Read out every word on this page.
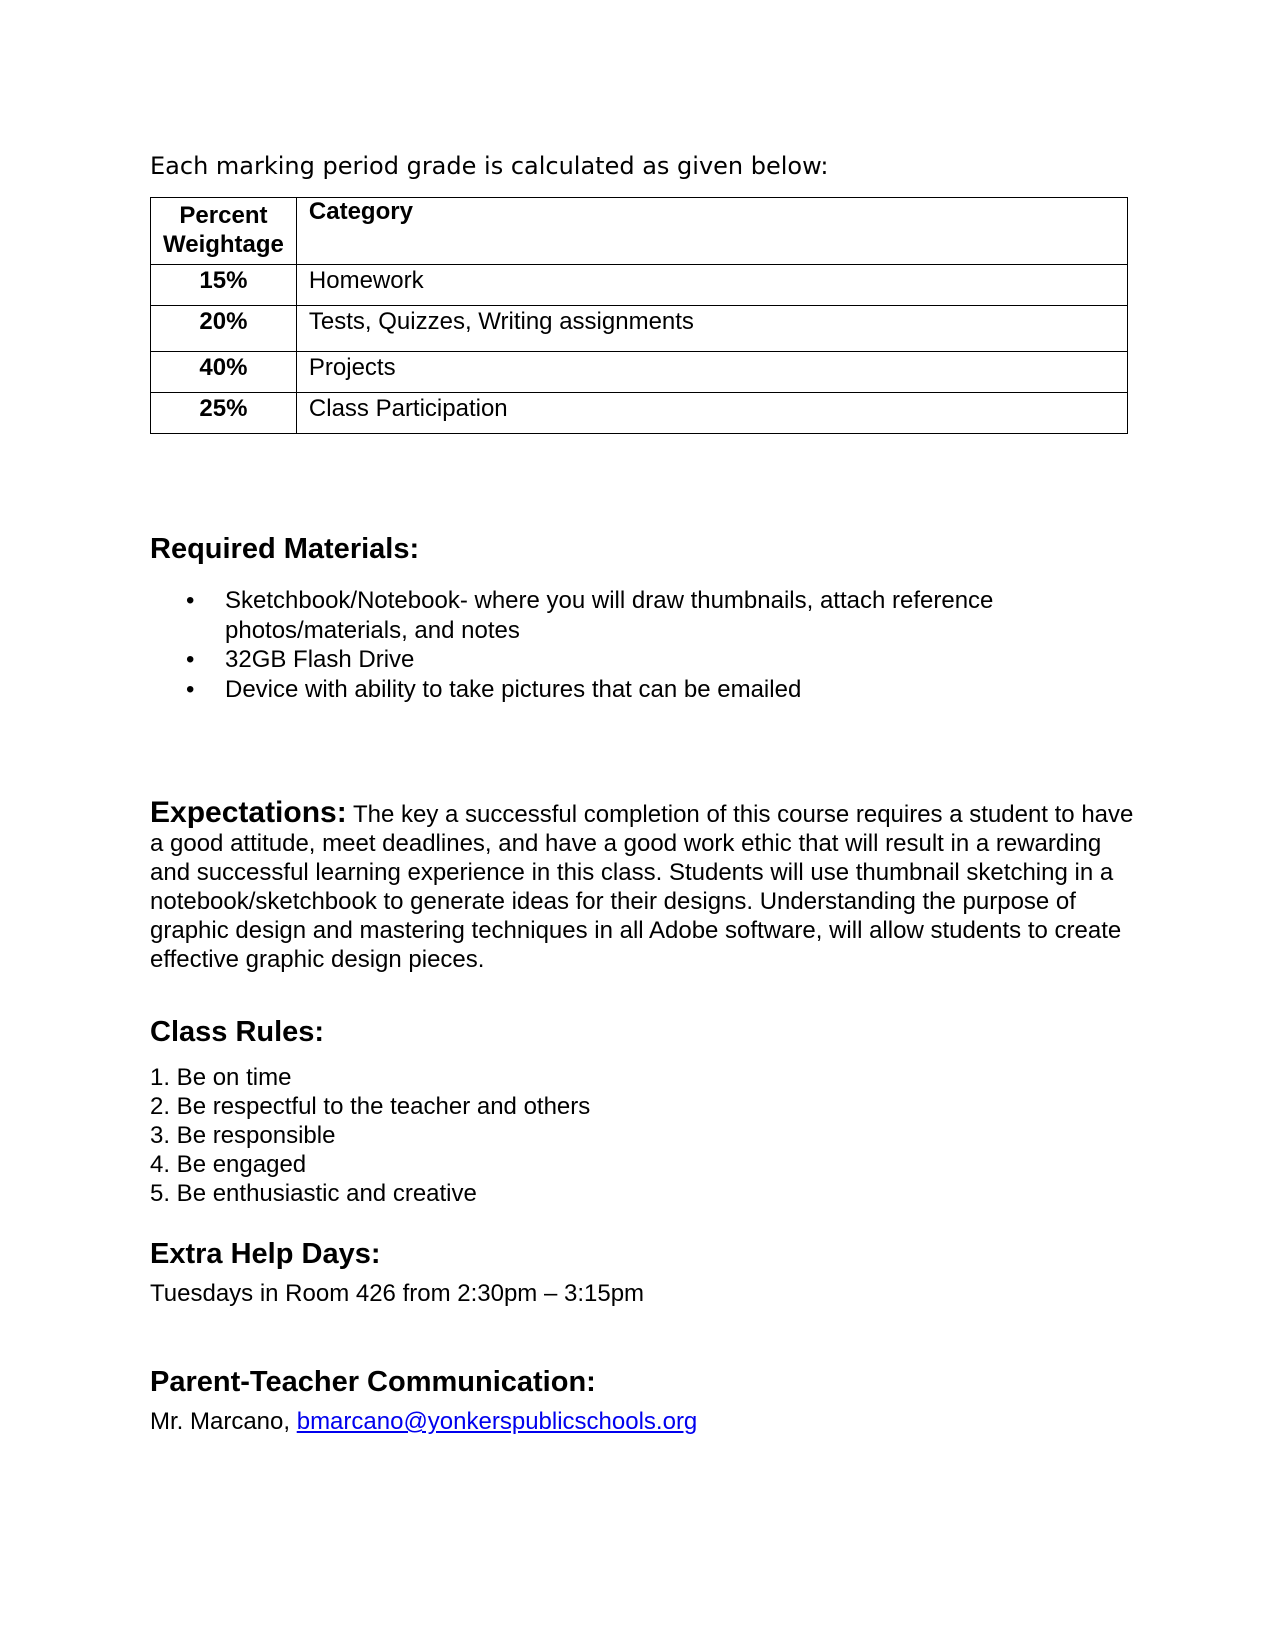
Each marking period grade is calculated as given below:

Percent Weightage	Category
15%	Homework
20%	Tests, Quizzes, Writing assignments
40%	Projects
25%	Class Participation
Required Materials:
• Sketchbook/Notebook- where you will draw thumbnails, attach reference photos/materials, and notes
• 32GB Flash Drive
• Device with ability to take pictures that can be emailed

Expectations: The key a successful completion of this course requires a student to have a good attitude, meet deadlines, and have a good work ethic that will result in a rewarding and successful learning experience in this class. Students will use thumbnail sketching in a notebook/sketchbook to generate ideas for their designs. Understanding the purpose of graphic design and mastering techniques in all Adobe software, will allow students to create effective graphic design pieces.

Class Rules:
1. Be on time
2. Be respectful to the teacher and others
3. Be responsible
4. Be engaged
5. Be enthusiastic and creative
Extra Help Days:

Tuesdays in Room 426 from 2:30pm – 3:15pm

Parent-Teacher Communication:

Mr. Marcano, bmarcano@yonkerspublicschools.org
